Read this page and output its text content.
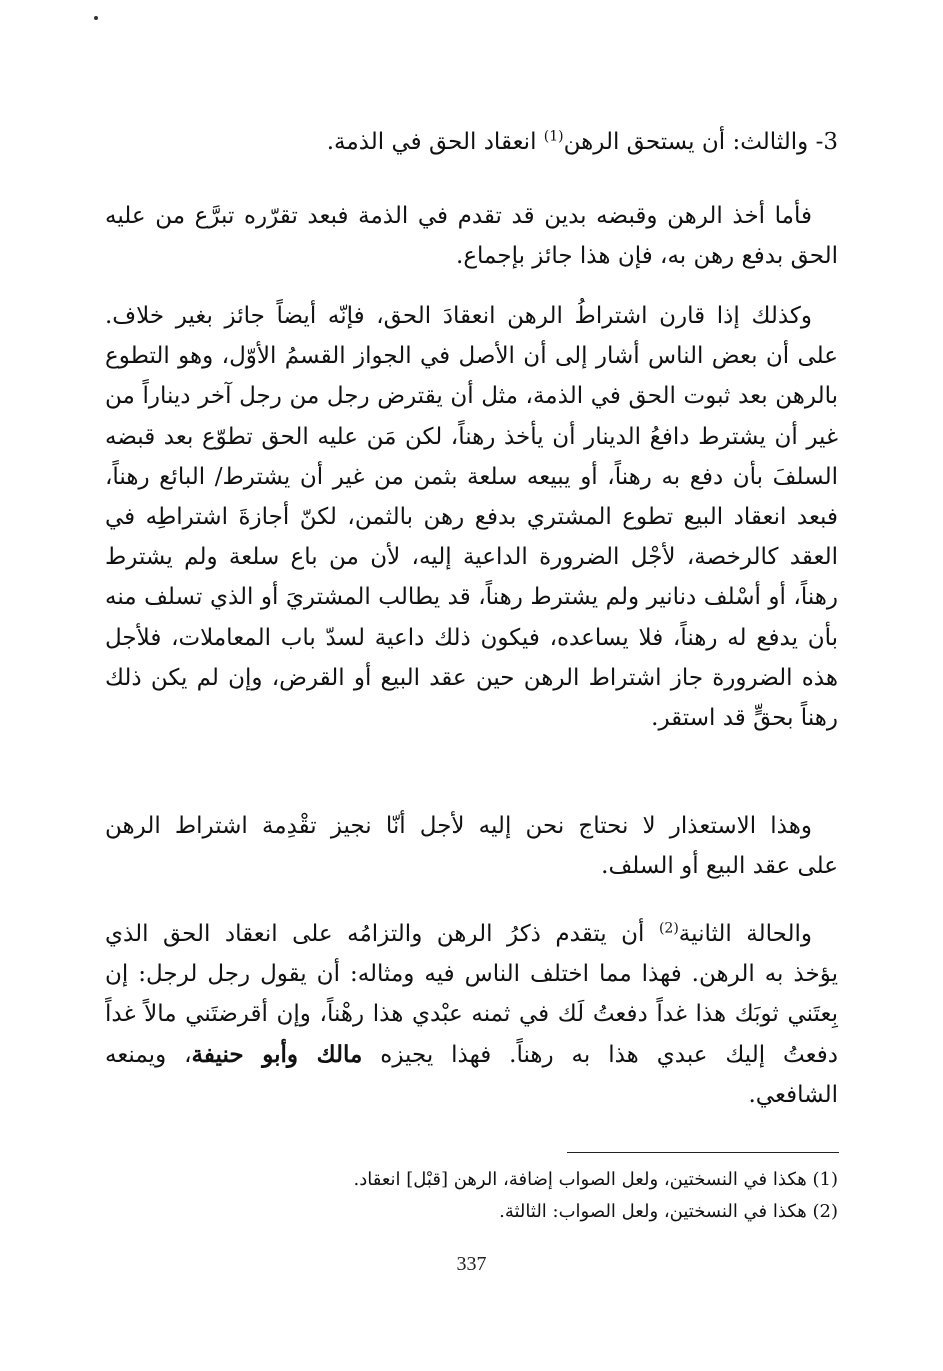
3- والثالث: أن يستحق الرهن$^{(1)}$ انعقاد الحق في الذمة.
فأما أخذ الرهن وقبضه بدين قد تقدم في الذمة فبعد تقرّره تبرَّع من عليه
الحق بدفع رهن به، فإن هذا جائز بإجماع.
وكذلك إذا قارن اشتراطُ الرهن انعقادَ الحق، فإنّه أيضاً جائز بغير خلاف.
على أن بعض الناس أشار إلى أن الأصل في الجواز القسمُ الأوّل، وهو التطوع
بالرهن بعد ثبوت الحق في الذمة، مثل أن يقترض رجل من رجل آخر ديناراً من
غير أن يشترط دافعُ الدينار أن يأخذ رهناً، لكن مَن عليه الحق تطوّع بعد قبضه
السلفَ بأن دفع به رهناً، أو يبيعه سلعة بثمن من غير أن يشترط/ البائع رهناً،
فبعد انعقاد البيع تطوع المشتري بدفع رهن بالثمن، لكنّ أجازةَ اشتراطِه في
العقد كالرخصة، لأجْل الضرورة الداعية إليه، لأن من باع سلعة ولم يشترط
رهناً، أو أسْلف دنانير ولم يشترط رهناً، قد يطالب المشتريَ أو الذي تسلف منه
بأن يدفع له رهناً، فلا يساعده، فيكون ذلك داعية لسدّ باب المعاملات، فلأجل
هذه الضرورة جاز اشتراط الرهن حين عقد البيع أو القرض، وإن لم يكن ذلك
رهناً بحقٍّ قد استقر.
وهذا الاستعذار لا نحتاج نحن إليه لأجل أنّا نجيز تقْدِمة اشتراط الرهن
على عقد البيع أو السلف.
والحالة الثانية$^{(2)}$ أن يتقدم ذكرُ الرهن والتزامُه على انعقاد الحق الذي
يؤخذ به الرهن. فهذا مما اختلف الناس فيه ومثاله: أن يقول رجل لرجل: إن
بِعتَني ثوبَك هذا غداً دفعتُ لَك في ثمنه عبْدي هذا رهْناً، وإن أقرضتَني مالاً غداً
دفعتُ إليك عبدي هذا به رهناً. فهذا يجيزه مالك وأبو حنيفة، ويمنعه
الشافعي.
(1) هكذا في النسختين، ولعل الصواب إضافة، الرهن [قبْل] انعقاد.
(2) هكذا في النسختين، ولعل الصواب: الثالثة.
337
